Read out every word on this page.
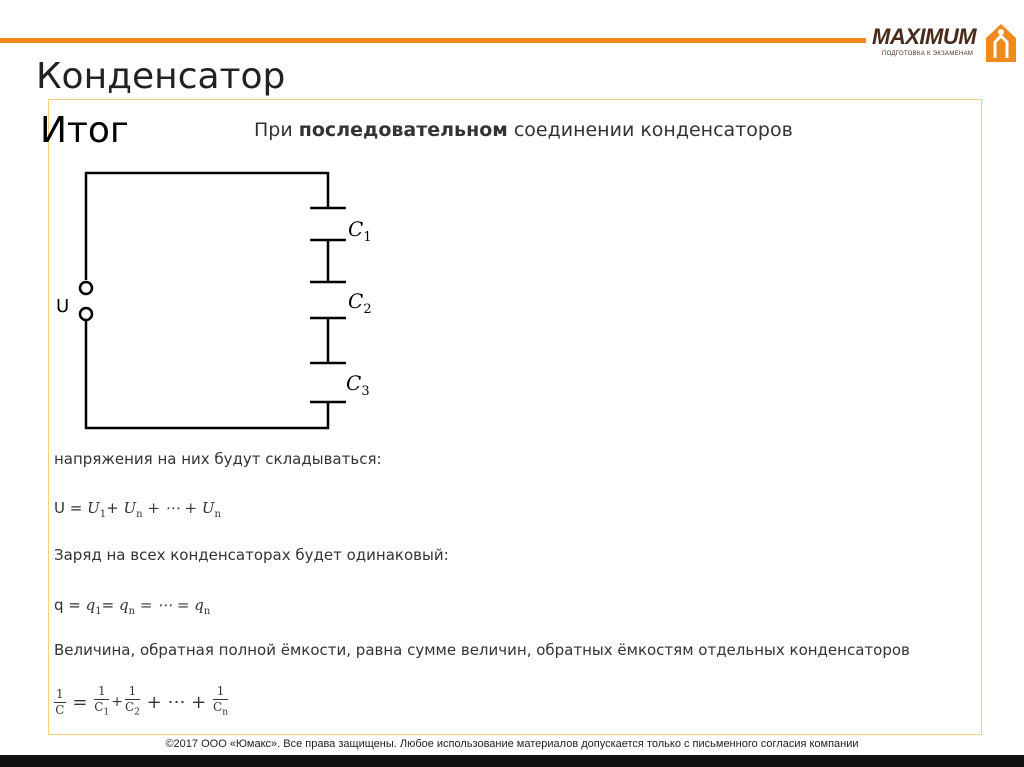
MAXIMUM
ПОДГОТОВКА К ЭКЗАМЕНАМ
Конденсатор
Итог	При последовательном соединении конденсаторов
U
$C_1$
$C_2$
$C_3$
напряжения на них будут складываться:
$U = U_1+ U_n$ + ⋯ + $U_n$
Заряд на всех конденсаторах будет одинаковый:
$q = q_1= q_n$ = ⋯ = $q_n$
Величина, обратная полной ёмкости, равна сумме величин, обратных ёмкостям отдельных конденсаторов
$\frac{1}{C} = \frac{1}{C_1} + \frac{1}{C_2}$ + ⋯ + $\frac{1}{C_n}$
©2017 ООО «Юмакс». Все права защищены. Любое использование материалов допускается только с письменного согласия компании
